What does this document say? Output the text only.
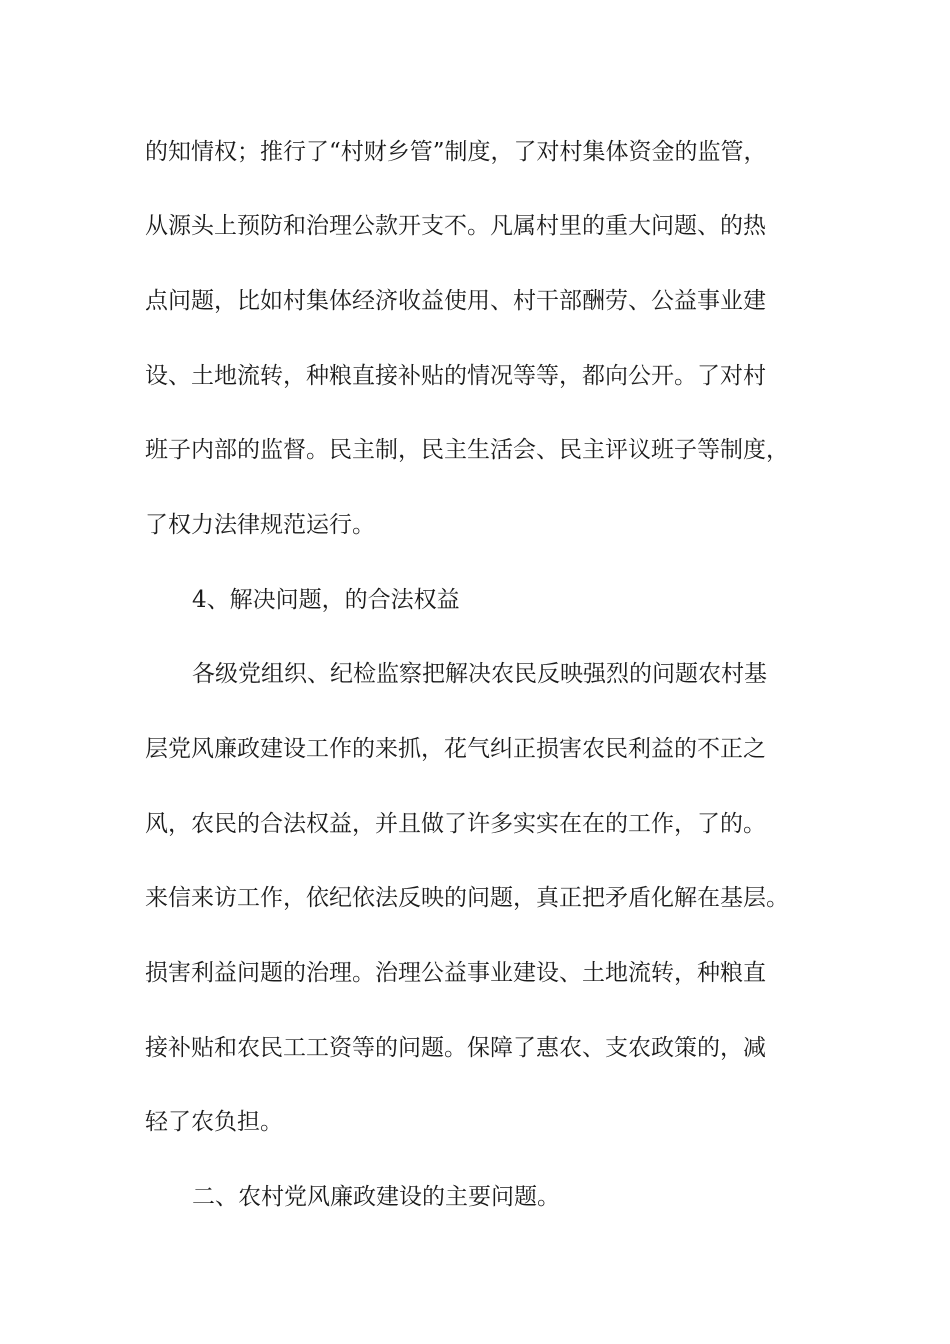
的知情权；推行了“村财乡管”制度，了对村集体资金的监管，

从源头上预防和治理公款开支不。凡属村里的重大问题、的热

点问题，比如村集体经济收益使用、村干部酬劳、公益事业建

设、土地流转，种粮直接补贴的情况等等，都向公开。了对村

班子内部的监督。民主制，民主生活会、民主评议班子等制度，

了权力法律规范运行。

4、解决问题，的合法权益

各级党组织、纪检监察把解决农民反映强烈的问题农村基

层党风廉政建设工作的来抓，花气纠正损害农民利益的不正之

风，农民的合法权益，并且做了许多实实在在的工作，了的。

来信来访工作，依纪依法反映的问题，真正把矛盾化解在基层。

损害利益问题的治理。治理公益事业建设、土地流转，种粮直

接补贴和农民工工资等的问题。保障了惠农、支农政策的，减

轻了农负担。

二、农村党风廉政建设的主要问题。
